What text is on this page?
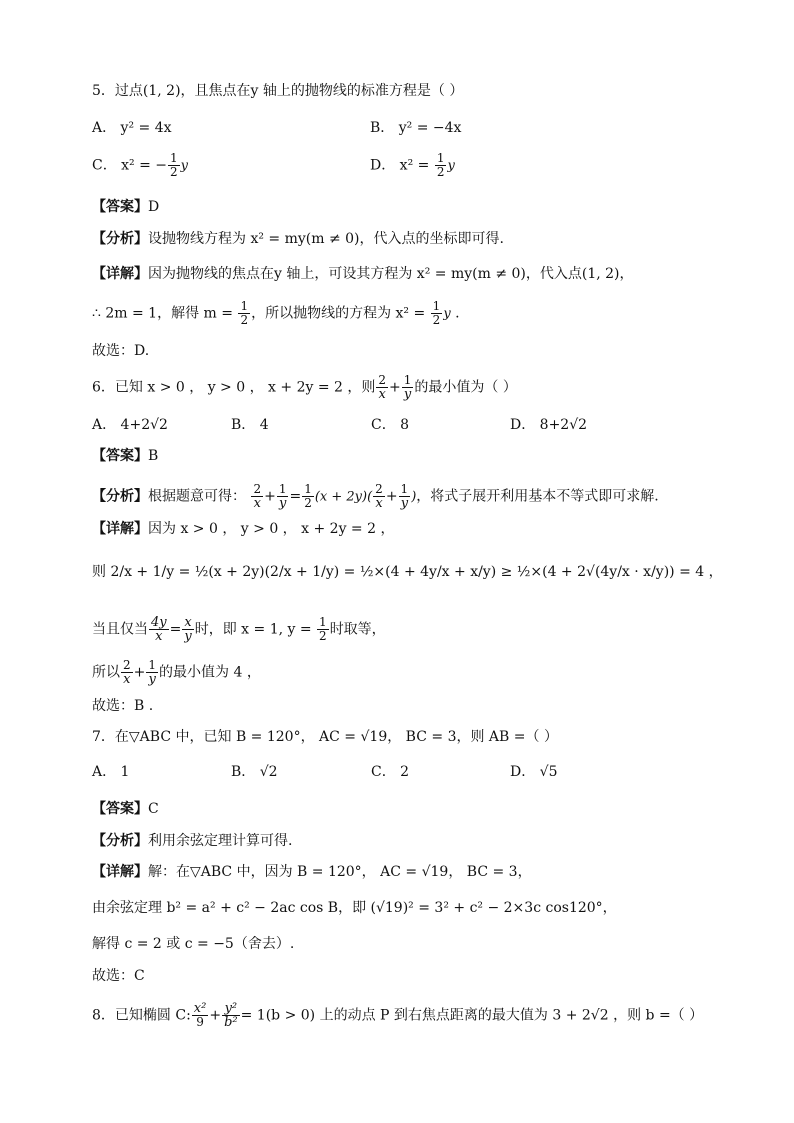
5．过点(1, 2)，且焦点在y 轴上的抛物线的标准方程是（ ）
A． y² = 4x	B． y² = −4x
C． x² = − $\frac{1}{2}$ y	D． $x^2 = \frac{1}{2}$ y
【答案】D
【分析】设抛物线方程为 x² = my(m ≠ 0)，代入点的坐标即可得.
【详解】因为抛物线的焦点在y 轴上，可设其方程为 x² = my(m ≠ 0)，代入点(1, 2)，
∴ 2m = 1，解得 $m = \frac{1}{2}$ ，所以抛物线的方程为 $x^2 = \frac{1}{2}$ y .
故选：D.
6．已知 x > 0 ， y > 0 ， x + 2y = 2 ，则 $\frac{2}{x} + \frac{1}{y}$ 的最小值为（ ）
A． 4+2√2	B． 4	C． 8	D． 8+2√2
【答案】B
【分析】根据题意可得： $\frac{2}{x} + \frac{1}{y} = \frac{1}{2} (x + 2y)( \frac{2}{x} + \frac{1}{y}$ )，将式子展开利用基本不等式即可求解.
【详解】因为 x > 0 ， y > 0 ， x + 2y = 2 ，
则 2/x + 1/y = ½(x + 2y)(2/x + 1/y) = ½×(4 + 4y/x + x/y) ≥ ½×(4 + 2√(4y/x · x/y)) = 4 ，
当且仅当 $\frac{4y}{x} = \frac{x}{y}$ 时，即 x = 1, $y = \frac{1}{2}$ 时取等，
所以 $\frac{2}{x} + \frac{1}{y}$ 的最小值为 4 ，
故选：B .
7．在▽ABC 中，已知 B = 120°， AC = √19， BC = 3，则 AB =（ ）
A． 1	B． √2	C． 2	D． √5
【答案】C
【分析】利用余弦定理计算可得.
【详解】解：在▽ABC 中，因为 B = 120°， AC = √19， BC = 3，
由余弦定理 b² = a² + c² − 2ac cos B，即 (√19)² = 3² + c² − 2×3c cos120°，
解得 c = 2 或 c = −5（舍去）.
故选：C
8．已知椭圆 C: $\frac{\text{x²}}{9} + \frac{\text{y²}}{\text{b²}} = 1(b > 0)$ 上的动点 P 到右焦点距离的最大值为 3 + 2√2 ，则 b =（ ）
